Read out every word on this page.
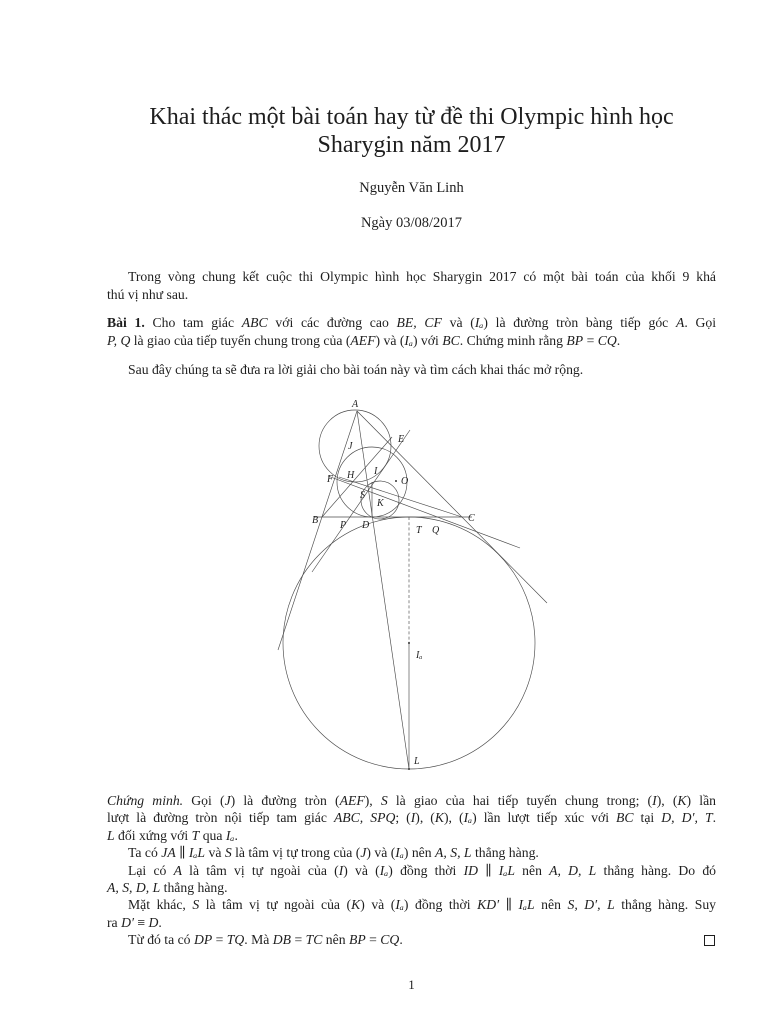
Khai thác một bài toán hay từ đề thi Olympic hình học
Sharygin năm 2017
Nguyễn Văn Linh
Ngày 03/08/2017
Trong vòng chung kết cuộc thi Olympic hình học Sharygin 2017 có một bài toán của khối 9 khá
thú vị như sau.
Bài 1. Cho tam giác ABC với các đường cao BE, CF và (Iₐ) là đường tròn bàng tiếp góc A. Gọi
P, Q là giao của tiếp tuyến chung trong của (AEF) và (Iₐ) với BC. Chứng minh rằng BP = CQ.
Sau đây chúng ta sẽ đưa ra lời giải cho bài toán này và tìm cách khai thác mở rộng.
A
E
J
F H I
O
S
K
B P D	T Q
C
Iₐ
L
Chứng minh. Gọi (J) là đường tròn (AEF), S là giao của hai tiếp tuyến chung trong; (I), (K) lần
lượt là đường tròn nội tiếp tam giác ABC, SPQ; (I), (K), (Iₐ) lần lượt tiếp xúc với BC tại D, D′, T.
L đối xứng với T qua Iₐ.
Ta có JA ∥ IₐL và S là tâm vị tự trong của (J) và (Iₐ) nên A, S, L thẳng hàng.
Lại có A là tâm vị tự ngoài của (I) và (Iₐ) đồng thời ID ∥ IₐL nên A, D, L thẳng hàng. Do đó
A, S, D, L thẳng hàng.
Mặt khác, S là tâm vị tự ngoài của (K) và (Iₐ) đồng thời KD′ ∥ IₐL nên S, D′, L thẳng hàng. Suy
ra D′ ≡ D.
Từ đó ta có DP = TQ. Mà DB = TC nên BP = CQ.
1
